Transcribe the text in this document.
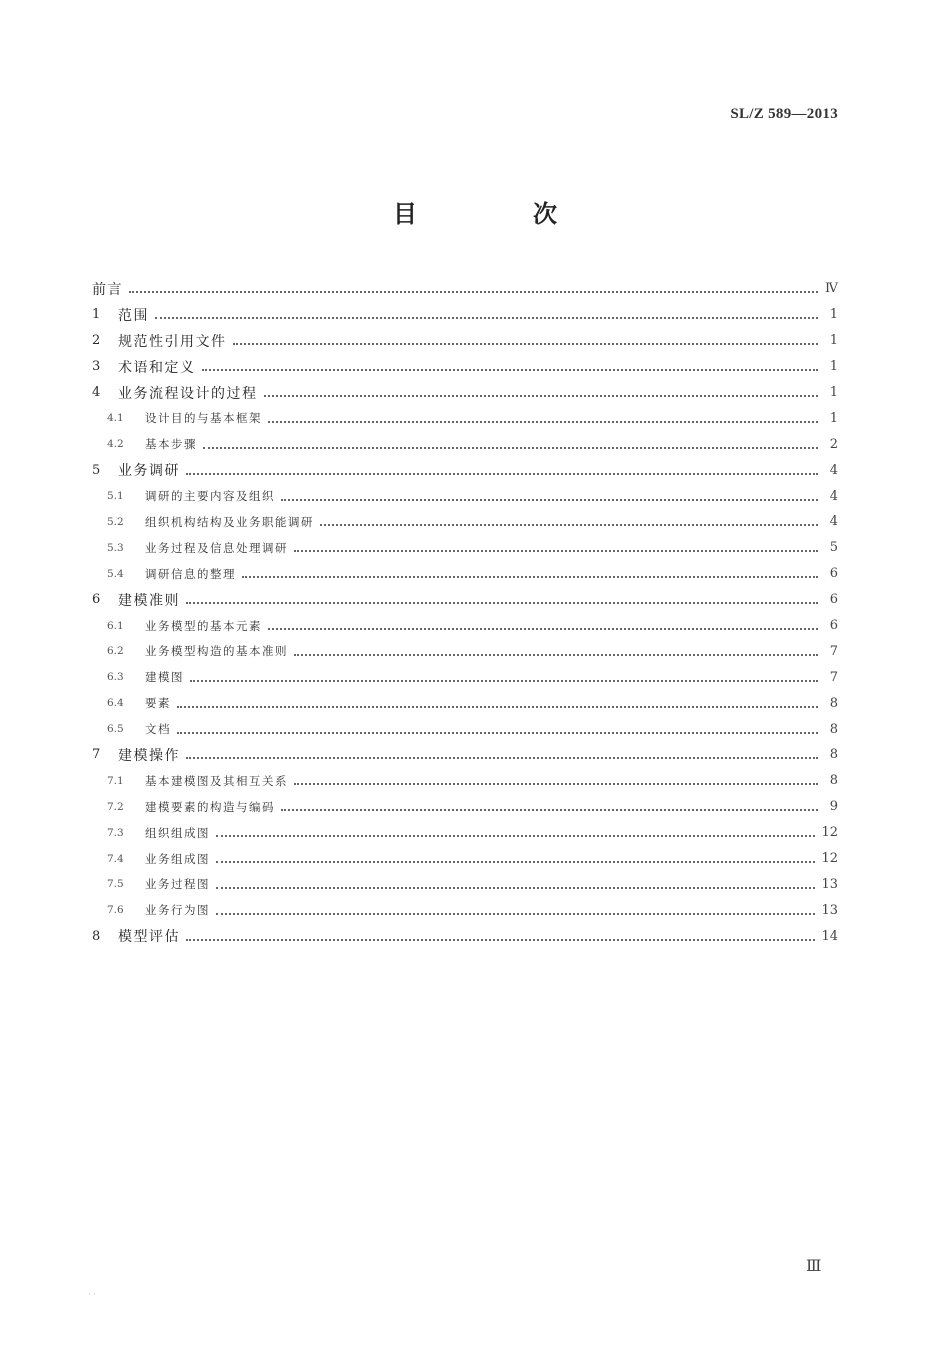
SL/Z 589—2013
目　次
前言	Ⅳ
1	范围	1
2	规范性引用文件	1
3	术语和定义	1
4	业务流程设计的过程	1
4.1	设计目的与基本框架	1
4.2	基本步骤	2
5	业务调研	4
5.1	调研的主要内容及组织	4
5.2	组织机构结构及业务职能调研	4
5.3	业务过程及信息处理调研	5
5.4	调研信息的整理	6
6	建模准则	6
6.1	业务模型的基本元素	6
6.2	业务模型构造的基本准则	7
6.3	建模图	7
6.4	要素	8
6.5	文档	8
7	建模操作	8
7.1	基本建模图及其相互关系	8
7.2	建模要素的构造与编码	9
7.3	组织组成图	12
7.4	业务组成图	12
7.5	业务过程图	13
7.6	业务行为图	13
8	模型评估	14
Ⅲ
· ·
